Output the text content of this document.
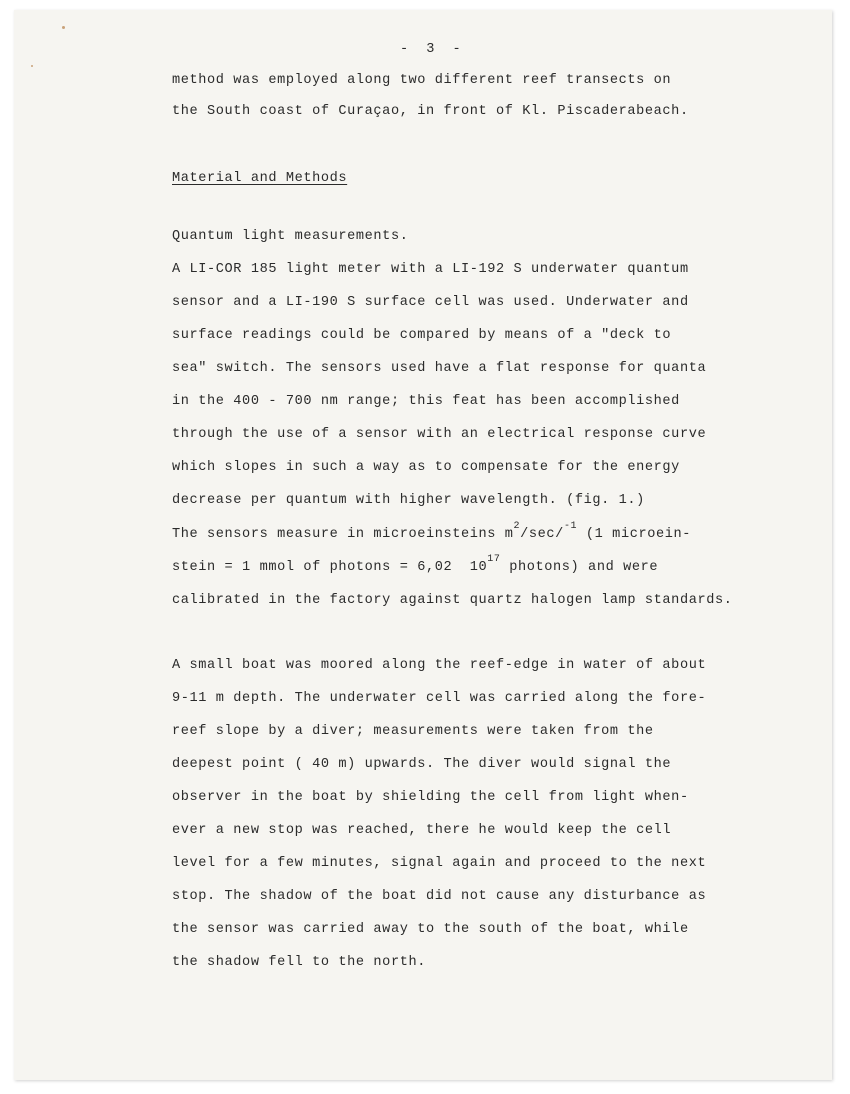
-  3  -
method was employed along two different reef transects on
the South coast of Curaçao, in front of Kl. Piscaderabeach.
Material and Methods
Quantum light measurements.
A LI-COR 185 light meter with a LI-192 S underwater quantum
sensor and a LI-190 S surface cell was used. Underwater and
surface readings could be compared by means of a "deck to
sea" switch. The sensors used have a flat response for quanta
in the 400 - 700 nm range; this feat has been accomplished
through the use of a sensor with an electrical response curve
which slopes in such a way as to compensate for the energy
decrease per quantum with higher wavelength. (fig. 1.)
The sensors measure in microeinsteins $m^2/\sec/^{-1}$ (1 microein-
stein = 1 mmol of photons = 6,02  $10^{17}$ photons) and were
calibrated in the factory against quartz halogen lamp standards.
A small boat was moored along the reef-edge in water of about
9-11 m depth. The underwater cell was carried along the fore-
reef slope by a diver; measurements were taken from the
deepest point ( 40 m) upwards. The diver would signal the
observer in the boat by shielding the cell from light when-
ever a new stop was reached, there he would keep the cell
level for a few minutes, signal again and proceed to the next
stop. The shadow of the boat did not cause any disturbance as
the sensor was carried away to the south of the boat, while
the shadow fell to the north.
